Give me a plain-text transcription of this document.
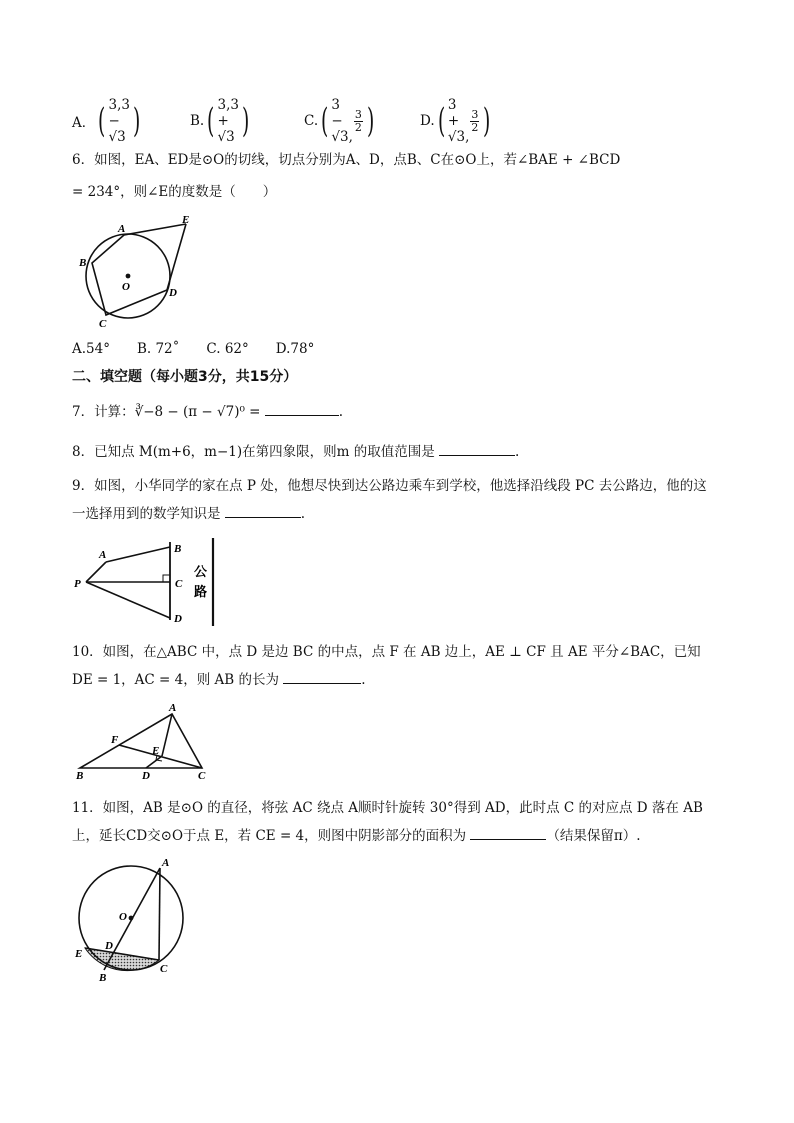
A． ( 3,3 − √3 )	B. ( 3,3 + √3 )	C. ( 3 − √3,
$\frac{3}{2}$ )	D. ( 3 + √3,
$\frac{3}{2}$ )
6．如图，EA、ED是⊙O的切线，切点分别为A、D，点B、C在⊙O上，若∠BAE + ∠BCD
= 234°，则∠E的度数是（　　）
A
B
C
D
E
O
A.54°　　B. 72˚　　C. 62°　　D.78°
二、填空题（每小题3分，共15分）
7．计算：∛−8 − (π − √7)⁰ =	.
8．已知点 M(m+6，m−1)在第四象限，则m 的取值范围是	.
9．如图，小华同学的家在点 P 处，他想尽快到达公路边乘车到学校，他选择沿线段 PC 去公路边，他的这
一选择用到的数学知识是	.
A	B
C
D
P
公
路
10．如图，在△ABC 中，点 D 是边 BC 的中点，点 F 在 AB 边上，AE ⊥ CF 且 AE 平分∠BAC，已知
DE = 1，AC = 4，则 AB 的长为	.
A
B	C
D
E
F
11．如图，AB 是⊙O 的直径，将弦 AC 绕点 A顺时针旋转 30°得到 AD，此时点 C 的对应点 D 落在 AB
上，延长CD交⊙O于点 E，若 CE = 4，则图中阴影部分的面积为	（结果保留π）.
A
B
C
D
E
O
